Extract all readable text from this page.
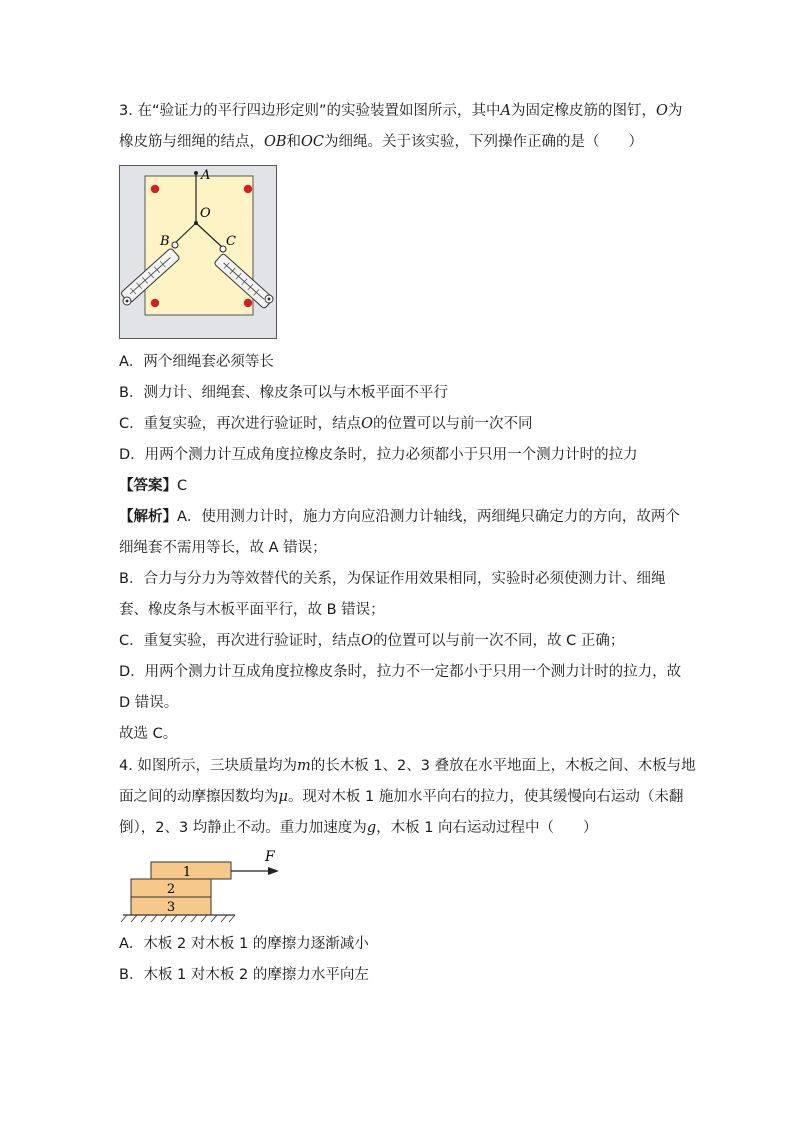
3. 在“验证力的平行四边形定则”的实验装置如图所示，其中A为固定橡皮筋的图钉，O为
橡皮筋与细绳的结点，OB和OC为细绳。关于该实验，下列操作正确的是（　　）
A
O
B	C
A．两个细绳套必须等长
B．测力计、细绳套、橡皮条可以与木板平面不平行
C．重复实验，再次进行验证时，结点O的位置可以与前一次不同
D．用两个测力计互成角度拉橡皮条时，拉力必须都小于只用一个测力计时的拉力
【答案】C
【解析】A．使用测力计时，施力方向应沿测力计轴线，两细绳只确定力的方向，故两个
细绳套不需用等长，故 A 错误；
B．合力与分力为等效替代的关系，为保证作用效果相同，实验时必须使测力计、细绳
套、橡皮条与木板平面平行，故 B 错误；
C．重复实验，再次进行验证时，结点O的位置可以与前一次不同，故 C 正确；
D．用两个测力计互成角度拉橡皮条时，拉力不一定都小于只用一个测力计时的拉力，故
D 错误。
故选 C。
4. 如图所示，三块质量均为m的长木板 1、2、3 叠放在水平地面上，木板之间、木板与地
面之间的动摩擦因数均为μ。现对木板 1 施加水平向右的拉力，使其缓慢向右运动（未翻
倒），2、3 均静止不动。重力加速度为g，木板 1 向右运动过程中（　　）
F
1
2
3
A．木板 2 对木板 1 的摩擦力逐渐减小
B．木板 1 对木板 2 的摩擦力水平向左
